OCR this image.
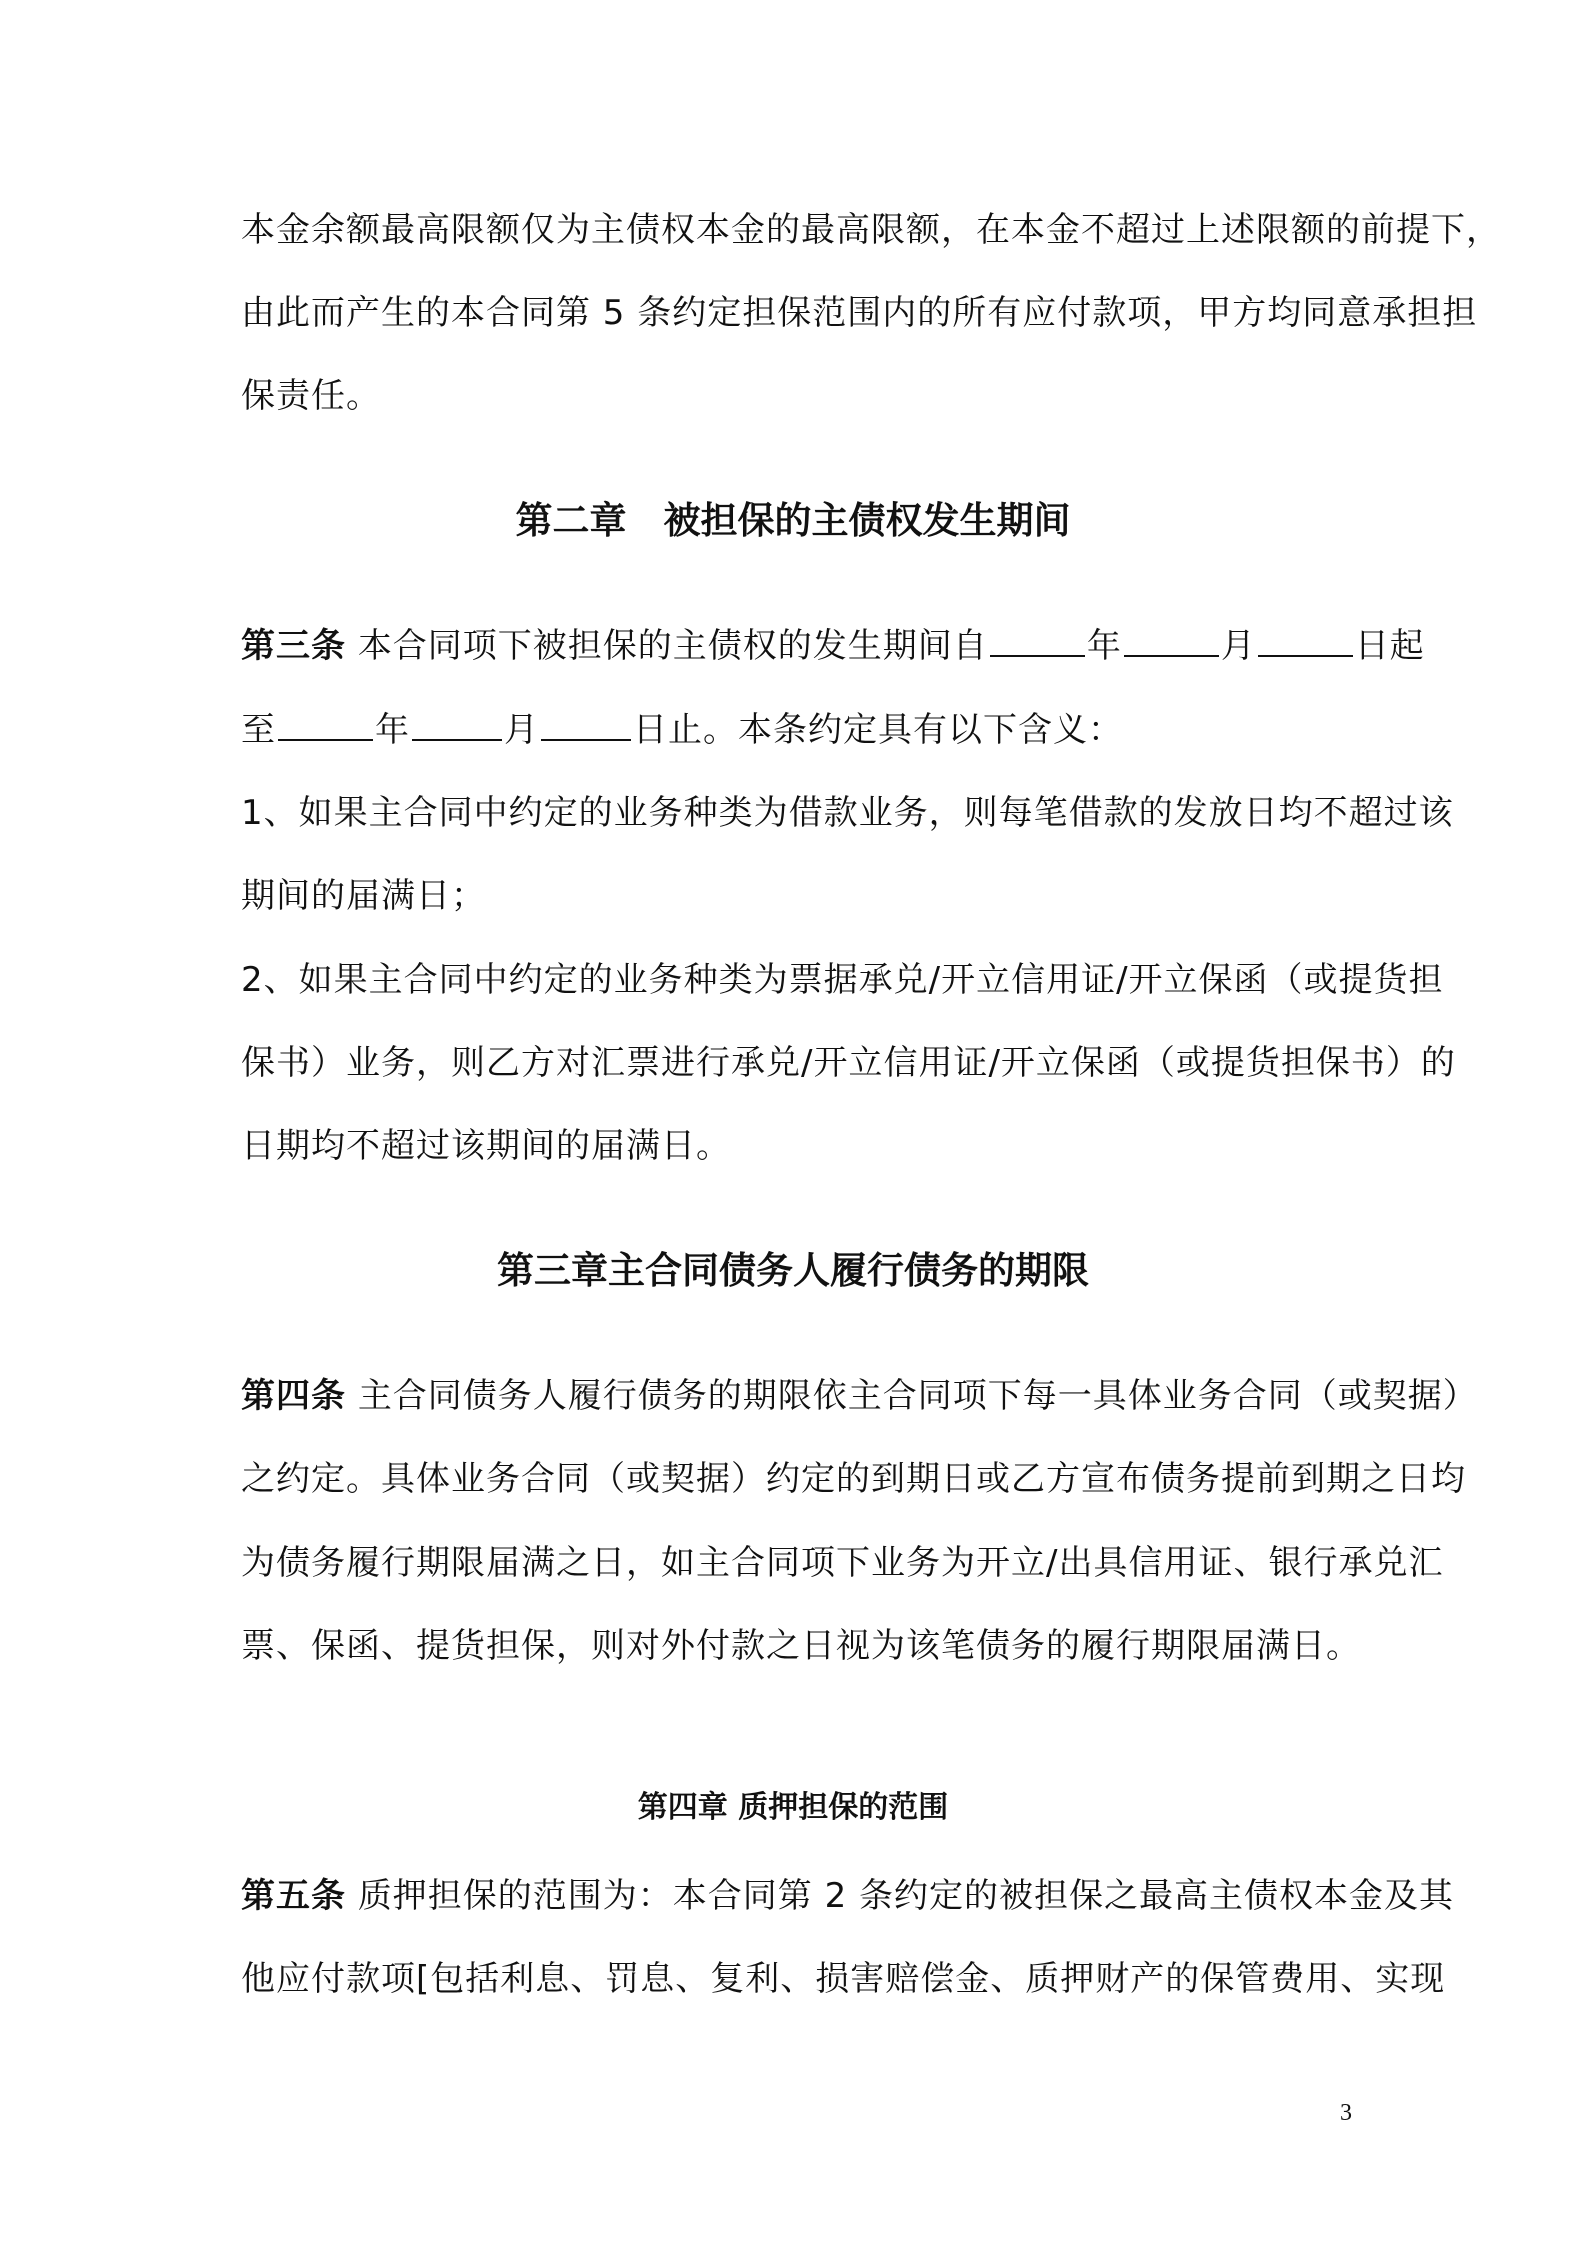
本金余额最高限额仅为主债权本金的最高限额，在本金不超过上述限额的前提下，
由此而产生的本合同第 5 条约定担保范围内的所有应付款项，甲方均同意承担担
保责任。
第二章　被担保的主债权发生期间
第三条 本合同项下被担保的主债权的发生期间自	年	月	日起
至	年	月	日止。本条约定具有以下含义：
1、如果主合同中约定的业务种类为借款业务，则每笔借款的发放日均不超过该
期间的届满日；
2、如果主合同中约定的业务种类为票据承兑/开立信用证/开立保函（或提货担
保书）业务，则乙方对汇票进行承兑/开立信用证/开立保函（或提货担保书）的
日期均不超过该期间的届满日。
第三章主合同债务人履行债务的期限
第四条 主合同债务人履行债务的期限依主合同项下每一具体业务合同（或契据）
之约定。具体业务合同（或契据）约定的到期日或乙方宣布债务提前到期之日均
为债务履行期限届满之日，如主合同项下业务为开立/出具信用证、银行承兑汇
票、保函、提货担保，则对外付款之日视为该笔债务的履行期限届满日。
第四章 质押担保的范围
第五条 质押担保的范围为：本合同第 2 条约定的被担保之最高主债权本金及其
他应付款项[包括利息、罚息、复利、损害赔偿金、质押财产的保管费用、实现
3
